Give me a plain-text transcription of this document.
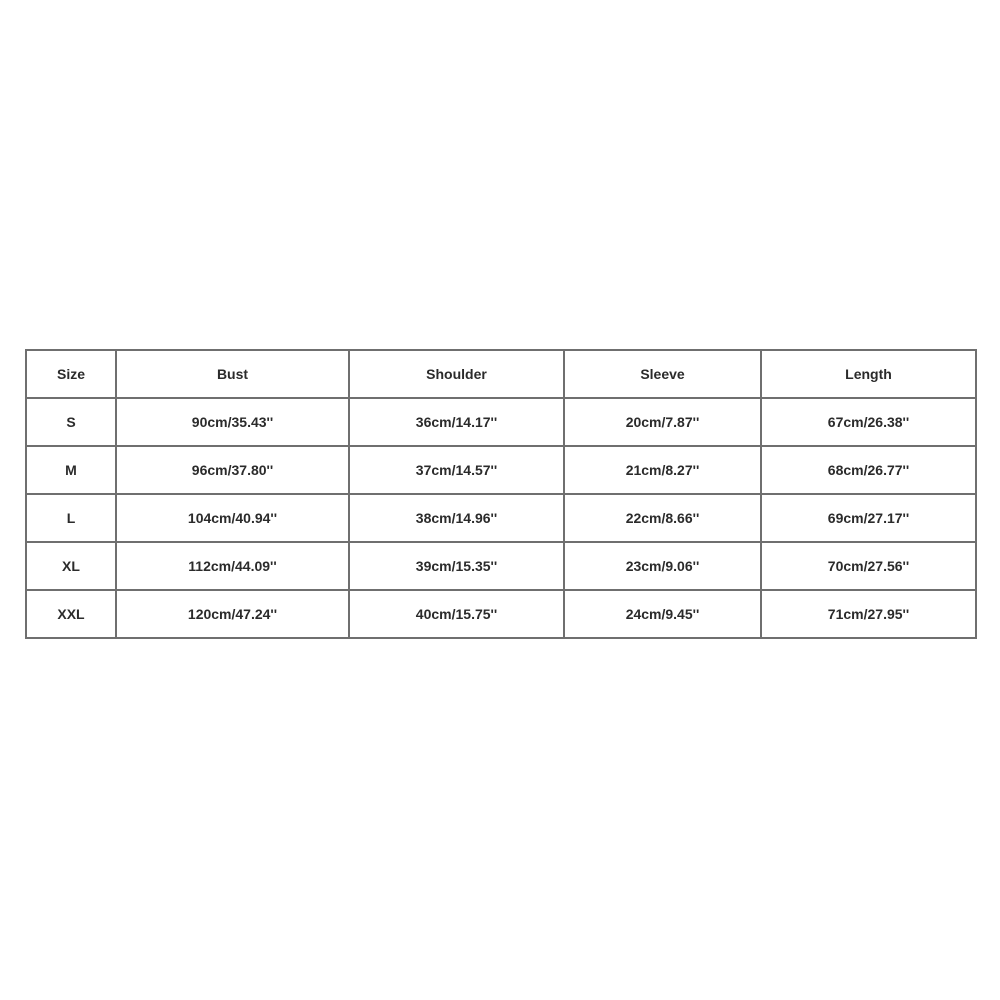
Size	Bust	Shoulder	Sleeve	Length
S	90cm/35.43''	36cm/14.17''	20cm/7.87''	67cm/26.38''
M	96cm/37.80''	37cm/14.57''	21cm/8.27''	68cm/26.77''
L	104cm/40.94''	38cm/14.96''	22cm/8.66''	69cm/27.17''
XL	112cm/44.09''	39cm/15.35''	23cm/9.06''	70cm/27.56''
XXL	120cm/47.24''	40cm/15.75''	24cm/9.45''	71cm/27.95''
